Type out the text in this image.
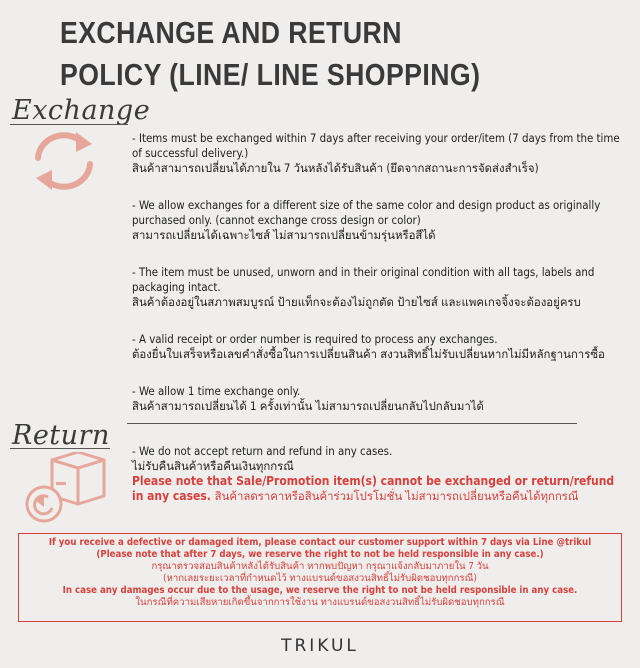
EXCHANGE AND RETURN
POLICY (LINE/ LINE SHOPPING)
Exchange
- Items must be exchanged within 7 days after receiving your order/item (7 days from the time of successful delivery.)
สินค้าสามารถเปลี่ยนได้ภายใน 7 วันหลังได้รับสินค้า (ยึดจากสถานะการจัดส่งสำเร็จ)
- We allow exchanges for a different size of the same color and design product as originally purchased only. (cannot exchange cross design or color)
สามารถเปลี่ยนได้เฉพาะไซส์ ไม่สามารถเปลี่ยนข้ามรุ่นหรือสีได้
- The item must be unused, unworn and in their original condition with all tags, labels and packaging intact.
สินค้าต้องอยู่ในสภาพสมบูรณ์ ป้ายแท็กจะต้องไม่ถูกตัด ป้ายไซส์ และแพคเกจจิ้งจะต้องอยู่ครบ
- A valid receipt or order number is required to process any exchanges.
ต้องยื่นใบเสร็จหรือเลขคำสั่งซื้อในการเปลี่ยนสินค้า สงวนสิทธิ์ไม่รับเปลี่ยนหากไม่มีหลักฐานการซื้อ
- We allow 1 time exchange only.
สินค้าสามารถเปลี่ยนได้ 1 ครั้งเท่านั้น ไม่สามารถเปลี่ยนกลับไปกลับมาได้
Return - We do not accept return and refund in any cases.
ไม่รับคืนสินค้าหรือคืนเงินทุกกรณี
Please note that Sale/Promotion item(s) cannot be exchanged or return/refund in any cases. สินค้าลดราคาหรือสินค้าร่วมโปรโมชั่น ไม่สามารถเปลี่ยนหรือคืนได้ทุกกรณี
If you receive a defective or damaged item, please contact our customer support within 7 days via Line @trikul
(Please note that after 7 days, we reserve the right to not be held responsible in any case.)
กรุณาตรวจสอบสินค้าหลังได้รับสินค้า หากพบปัญหา กรุณาแจ้งกลับมาภายใน 7 วัน
(หากเลยระยะเวลาที่กำหนดไว้ ทางแบรนด์ขอสงวนสิทธิ์ไม่รับผิดชอบทุกกรณี)
In case any damages occur due to the usage, we reserve the right to not be held responsible in any case.
ในกรณีที่ความเสียหายเกิดขึ้นจากการใช้งาน ทางแบรนด์ขอสงวนสิทธิ์ไม่รับผิดชอบทุกกรณี
TRIKUL
